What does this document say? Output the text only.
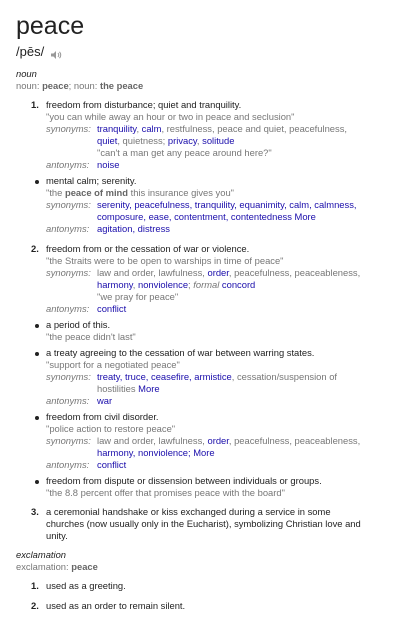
peace
/pēs/
noun
noun: peace; noun: the peace
1. freedom from disturbance; quiet and tranquility.
"you can while away an hour or two in peace and seclusion"
synonyms: tranquility, calm, restfulness, peace and quiet, peacefulness,
quiet, quietness; privacy, solitude
"can't a man get any peace around here?"
antonyms: noise
mental calm; serenity.
"the peace of mind this insurance gives you"
synonyms: serenity, peacefulness, tranquility, equanimity, calm, calmness,
composure, ease, contentment, contentedness More
antonyms: agitation, distress
2. freedom from or the cessation of war or violence.
"the Straits were to be open to warships in time of peace"
synonyms: law and order, lawfulness, order, peacefulness, peaceableness,
harmony, nonviolence; formal concord
"we pray for peace"
antonyms: conflict
a period of this.
"the peace didn't last"
a treaty agreeing to the cessation of war between warring states.
"support for a negotiated peace"
synonyms: treaty, truce, ceasefire, armistice, cessation/suspension of
hostilities More
antonyms: war
freedom from civil disorder.
"police action to restore peace"
synonyms: law and order, lawfulness, order, peacefulness, peaceableness,
harmony, nonviolence; More
antonyms: conflict
freedom from dispute or dissension between individuals or groups.
"the 8.8 percent offer that promises peace with the board"
3. a ceremonial handshake or kiss exchanged during a service in some
churches (now usually only in the Eucharist), symbolizing Christian love and
unity.
exclamation
exclamation: peace
1. used as a greeting.
2. used as an order to remain silent.
